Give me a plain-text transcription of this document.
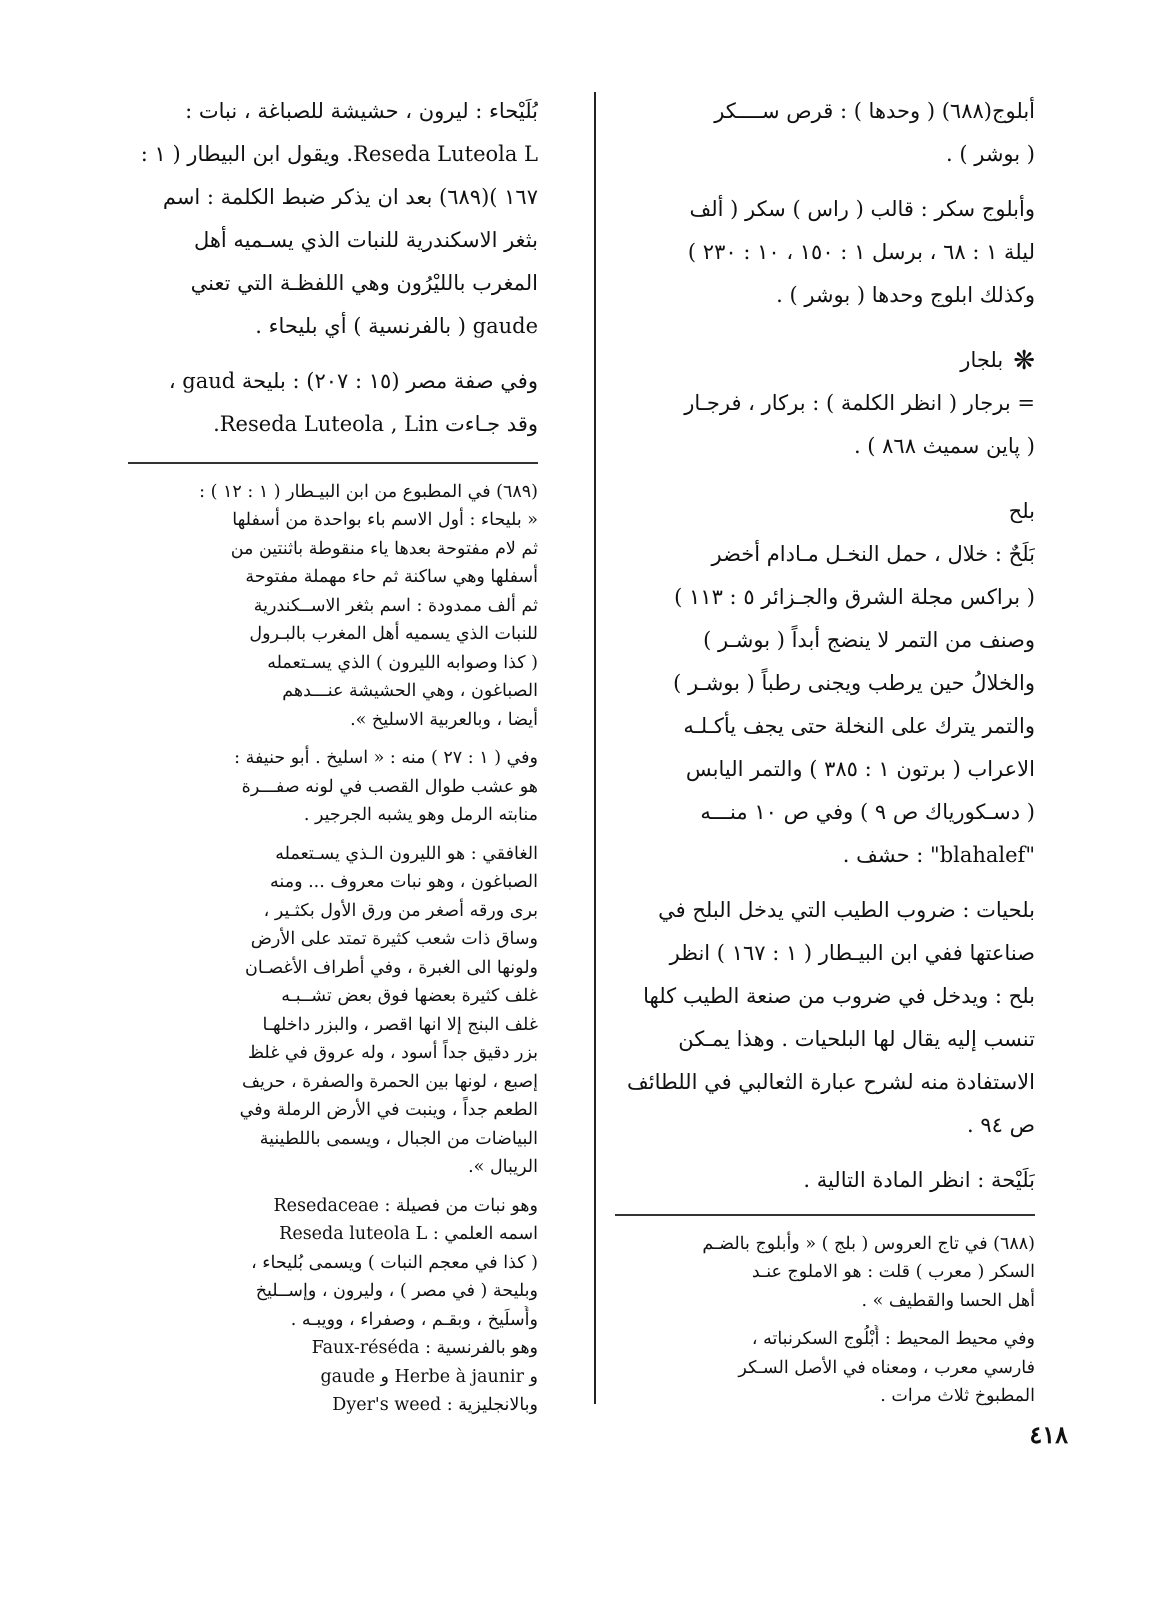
أبلوج(٦٨٨) ( وحدها ) : قرص ســــكر
( بوشر ) .
وأبلوج سكر : قالب ( راس ) سكر ( ألف
ليلة ١ : ٦٨ ، برسل ١ : ١٥٠ ، ١٠ : ٢٣٠ )
وكذلك ابلوج وحدها ( بوشر ) .
❋
بلجار
= برجار ( انظر الكلمة ) : بركار ، فرجـار
( پاين سميث ٨٦٨ ) .
بلح
بَلَحٌ : خلال ، حمل النخـل مـادام أخضر
( براكس مجلة الشرق والجـزائر ٥ : ١١٣ )
وصنف من التمر لا ينضج أبداً ( بوشـر )
والخلالُ حين يرطب ويجنى رطباً ( بوشـر )
والتمر يترك على النخلة حتى يجف يأكـلـه
الاعراب ( برتون ١ : ٣٨٥ ) والتمر اليابس
( دسـكورياك ص ٩ ) وفي ص ١٠ منـــه
"blahalef" : حشف .
بلحيات : ضروب الطيب التي يدخل البلح في
صناعتها ففي ابن البيـطار ( ١ : ١٦٧ ) انظر
بلح : ويدخل في ضروب من صنعة الطيب كلها
تنسب إليه يقال لها البلحيات . وهذا يمـكن
الاستفادة منه لشرح عبارة الثعالبي في اللطائف
ص ٩٤ .
بَلَيْحة : انظر المادة التالية .
(٦٨٨) في تاج العروس ( بلج ) « وأبلوج بالضـم
السكر ( معرب ) قلت : هو الاملوج عنـد
أهل الحسا والقطيف » .
وفي محيط المحيط : أُبْلُوج السكرنباته ،
فارسي معرب ، ومعناه في الأصل السـكر
المطبوخ ثلاث مرات .
بُلَيْحاء : ليرون ، حشيشة للصباغة ، نبات :
Reseda Luteola L. ويقول ابن البيطار ( ١ :
١٦٧ )(٦٨٩) بعد ان يذكر ضبط الكلمة : اسم
بثغر الاسكندرية للنبات الذي يسـميه أهل
المغرب بالليْرُون وهي اللفظـة التي تعني
gaude ( بالفرنسية ) أي بليحاء .
وفي صفة مصر (١٥ : ٢٠٧) : بليحة gaud ،
وقد جـاءت Reseda Luteola , Lin.
(٦٨٩) في المطبوع من ابن البيـطار ( ١ : ١٢ ) :
« بليحاء : أول الاسم باء بواحدة من أسفلها
ثم لام مفتوحة بعدها ياء منقوطة باثنتين من
أسفلها وهي ساكنة ثم حاء مهملة مفتوحة
ثم ألف ممدودة : اسم بثغر الاســكندرية
للنبات الذي يسميه أهل المغرب بالبـرول
( كذا وصوابه الليرون ) الذي يسـتعمله
الصباغون ، وهي الحشيشة عنـــدهم
أيضا ، وبالعربية الاسليخ ».
وفي ( ١ : ٢٧ ) منه : « اسليخ . أبو حنيفة :
هو عشب طوال القصب في لونه صفـــرة
منابته الرمل وهو يشبه الجرجير .
الغافقي : هو الليرون الـذي يسـتعمله
الصباغون ، وهو نبات معروف ... ومنه
برى ورقه أصغر من ورق الأول بكثـير ،
وساق ذات شعب كثيرة تمتد على الأرض
ولونها الى الغبرة ، وفي أطراف الأغصـان
غلف كثيرة بعضها فوق بعض تشــبـه
غلف البنج إلا انها اقصر ، والبزر داخلهـا
بزر دقيق جداً أسود ، وله عروق في غلظ
إصبع ، لونها بين الحمرة والصفرة ، حريف
الطعم جداً ، وينبت في الأرض الرملة وفي
البياضات من الجبال ، ويسمى باللطينية
الريبال ».
وهو نبات من فصيلة : Resedaceae
اسمه العلمي : Reseda luteola L
( كذا في معجم النبات ) ويسمى بُليحاء ،
وبليحة ( في مصر ) ، وليرون ، وإســليخ
وأُسلَيخ ، وبقـم ، وصفراء ، وويبـه .
وهو بالفرنسية : Faux-réséda
و Herbe à jaunir و gaude
وبالانجليزية : Dyer's weed
٤١٨
